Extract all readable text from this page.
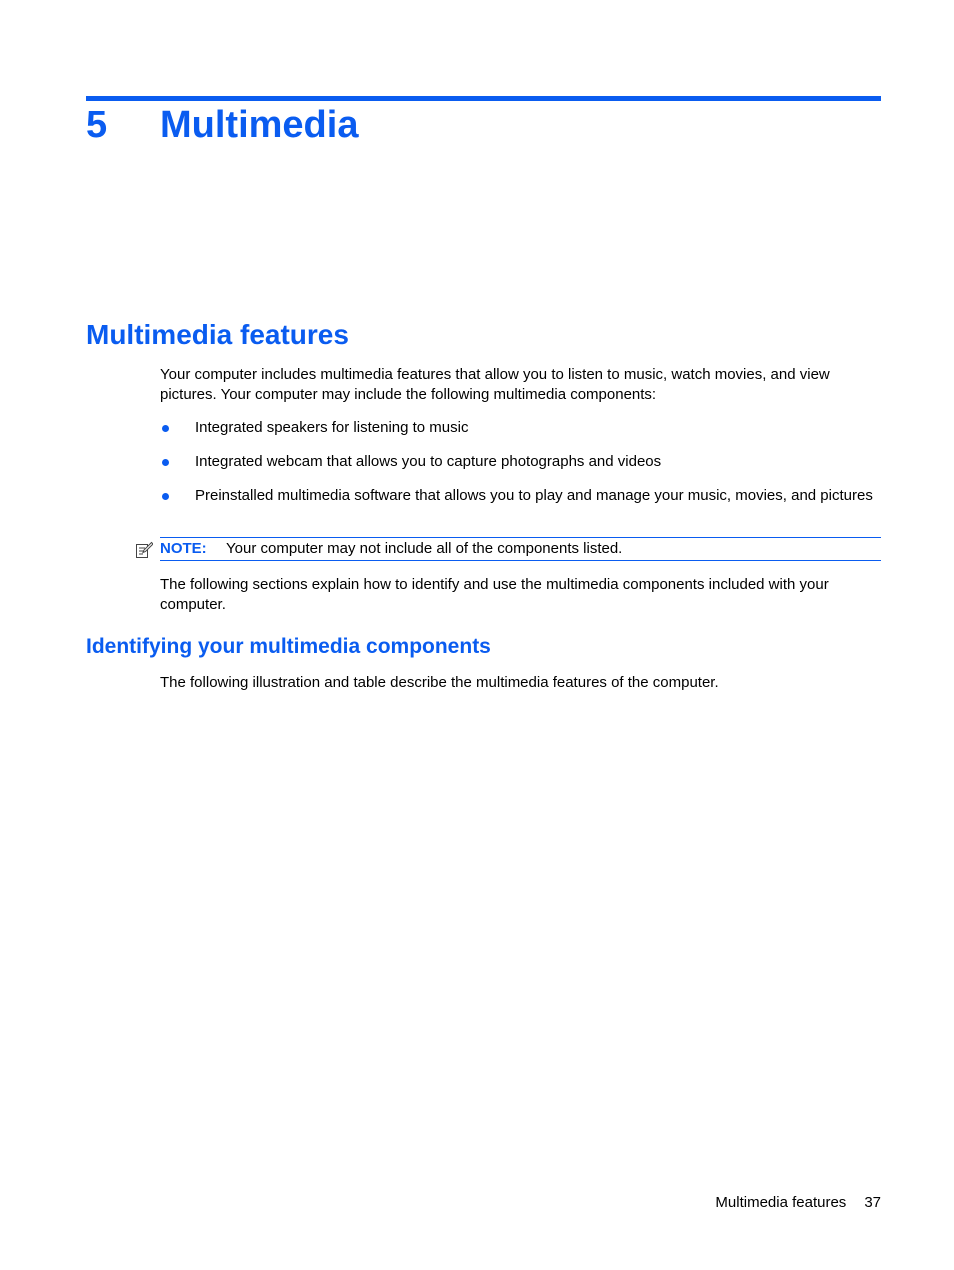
5 Multimedia
Multimedia features
Your computer includes multimedia features that allow you to listen to music, watch movies, and view pictures. Your computer may include the following multimedia components:
Integrated speakers for listening to music
Integrated webcam that allows you to capture photographs and videos
Preinstalled multimedia software that allows you to play and manage your music, movies, and pictures
NOTE: Your computer may not include all of the components listed.
The following sections explain how to identify and use the multimedia components included with your computer.
Identifying your multimedia components
The following illustration and table describe the multimedia features of the computer.
Multimedia features 37
